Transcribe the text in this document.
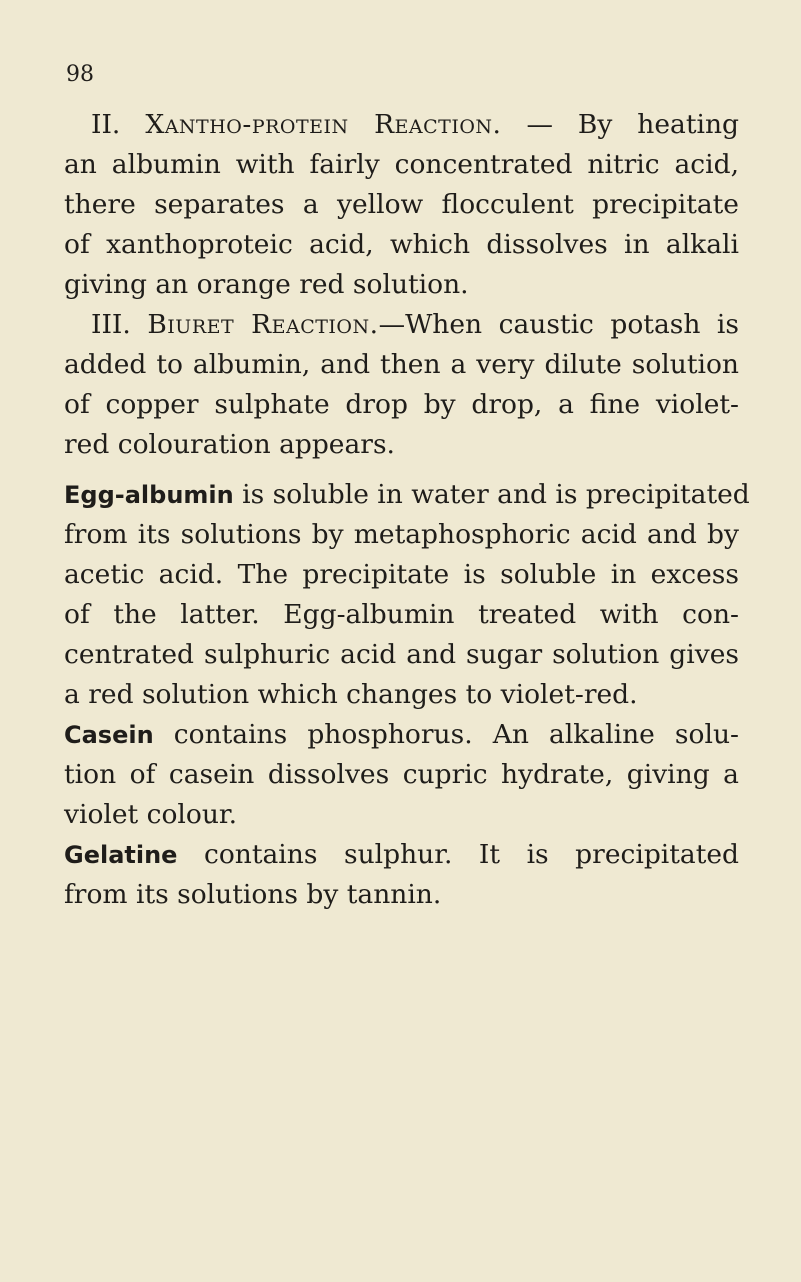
98

II. Xantho-protein Reaction. — By heating
an albumin with fairly concentrated nitric acid,
there separates a yellow flocculent precipitate
of xanthoproteic acid, which dissolves in alkali
giving an orange red solution.
III. Biuret Reaction.—When caustic potash is
added to albumin, and then a very dilute solution
of copper sulphate drop by drop, a fine violet-
red colouration appears.
Egg-albumin is soluble in water and is precipitated
from its solutions by metaphosphoric acid and by
acetic acid. The precipitate is soluble in excess
of the latter. Egg-albumin treated with con-
centrated sulphuric acid and sugar solution gives
a red solution which changes to violet-red.
Casein contains phosphorus. An alkaline solu-
tion of casein dissolves cupric hydrate, giving a
violet colour.
Gelatine contains sulphur. It is precipitated
from its solutions by tannin.
